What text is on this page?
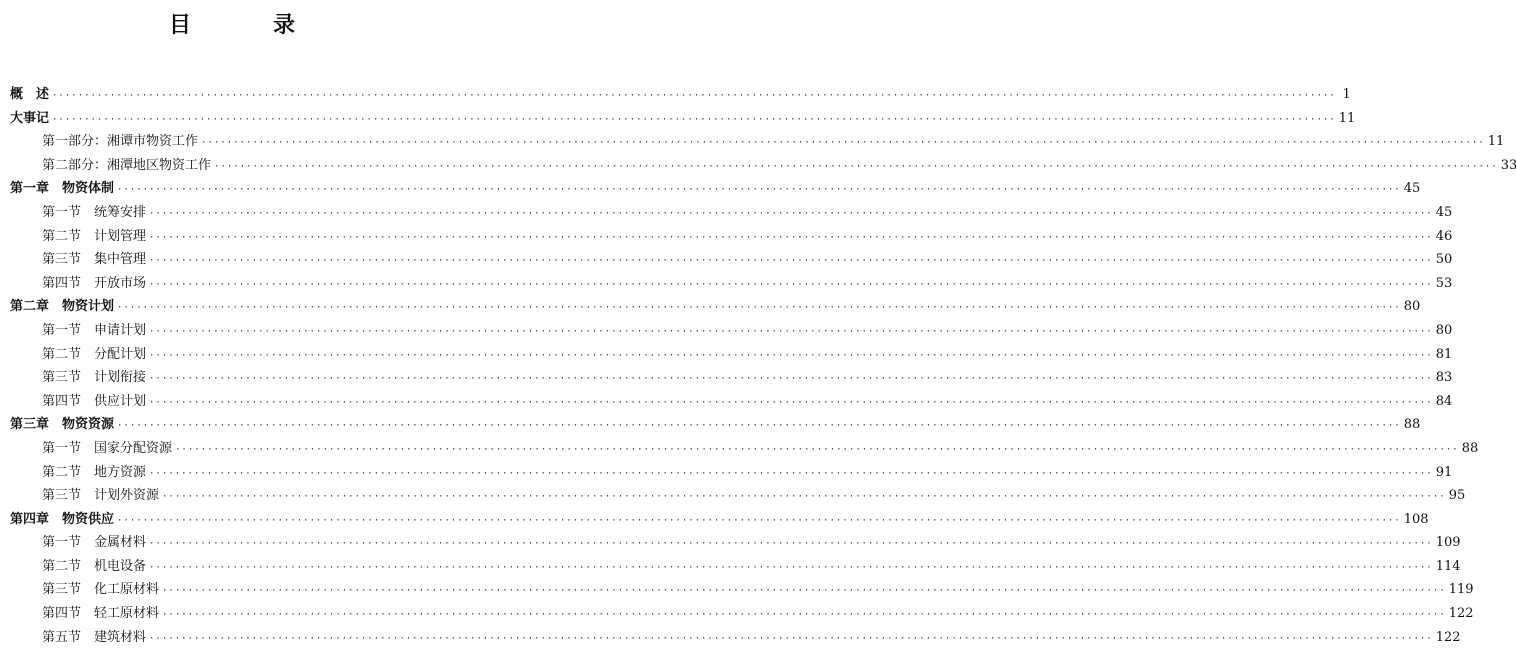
目　录
概　述 ········································································································································································································ 1
大事记 ········································································································································································································ 11
第一部分：湘谭市物资工作 ········································································································································································································ 11
第二部分：湘潭地区物资工作 ········································································································································································································ 33
第一章　物资体制 ········································································································································································································ 45
第一节　统筹安排 ········································································································································································································ 45
第二节　计划管理 ········································································································································································································ 46
第三节　集中管理 ········································································································································································································ 50
第四节　开放市场 ········································································································································································································ 53
第二章　物资计划 ········································································································································································································ 80
第一节　申请计划 ········································································································································································································ 80
第二节　分配计划 ········································································································································································································ 81
第三节　计划衔接 ········································································································································································································ 83
第四节　供应计划 ········································································································································································································ 84
第三章　物资资源 ········································································································································································································ 88
第一节　国家分配资源 ········································································································································································································ 88
第二节　地方资源 ········································································································································································································ 91
第三节　计划外资源 ········································································································································································································ 95
第四章　物资供应 ········································································································································································································ 108
第一节　金属材料 ········································································································································································································ 109
第二节　机电设备 ········································································································································································································ 114
第三节　化工原材料 ········································································································································································································ 119
第四节　轻工原材料 ········································································································································································································ 122
第五节　建筑材料 ········································································································································································································ 122
